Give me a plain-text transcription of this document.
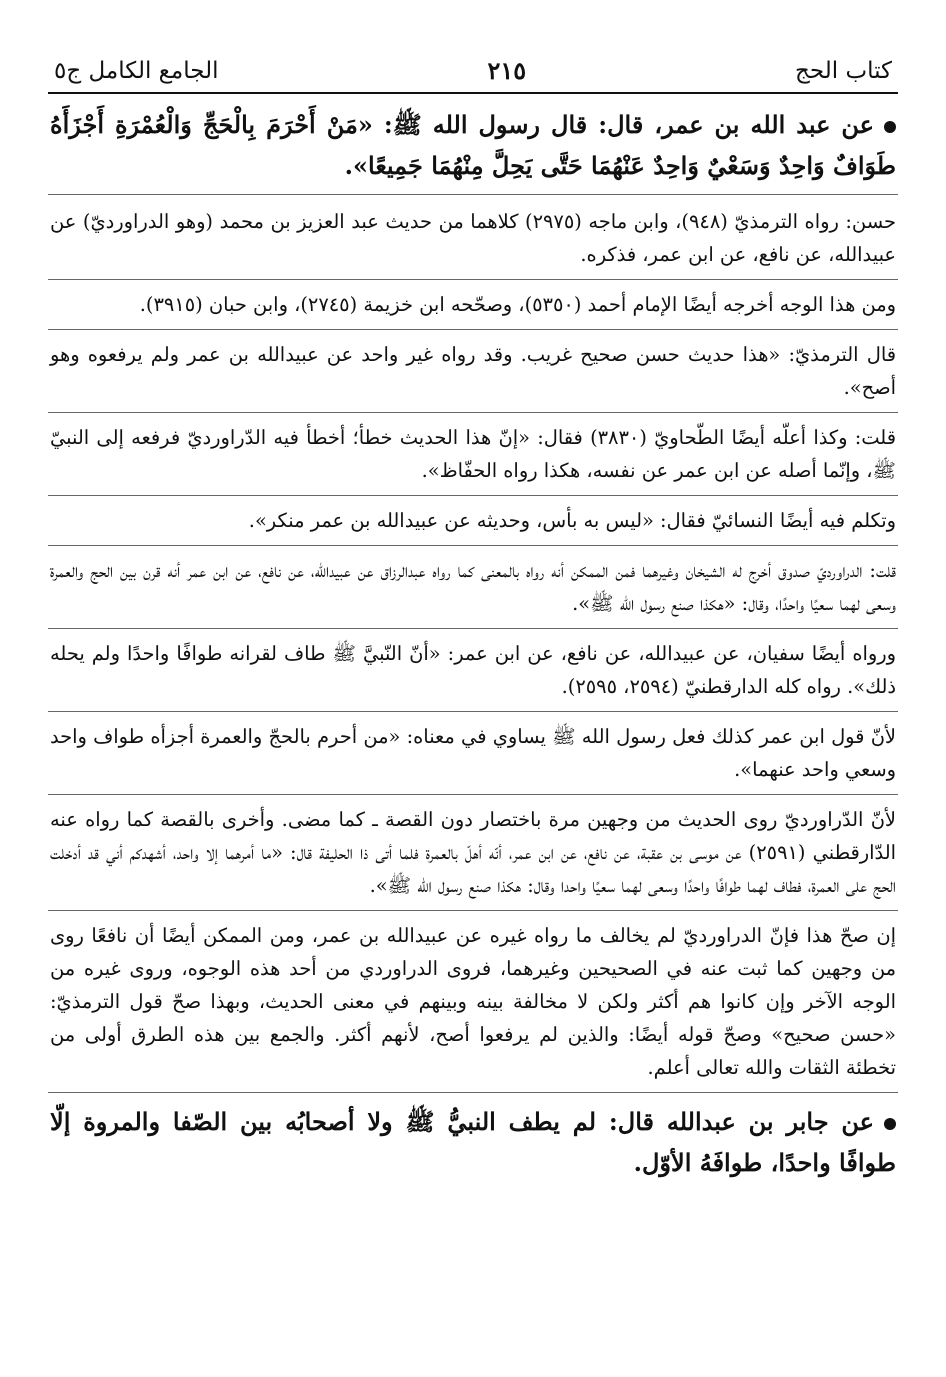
كتاب الحج
٢١٥
الجامع الكامل ج٥

عن عبد الله بن عمر، قال: قال رسول الله ﷺ: «مَنْ أَحْرَمَ بِالْحَجِّ وَالْعُمْرَةِ أَجْزَأَهُ طَوَافٌ وَاحِدٌ وَسَعْيٌ وَاحِدٌ عَنْهُمَا حَتَّى يَحِلَّ مِنْهُمَا جَمِيعًا».

حسن: رواه الترمذيّ (٩٤٨)، وابن ماجه (٢٩٧٥) كلاهما من حديث عبد العزيز بن محمد (وهو الدراورديّ) عن عبيدالله، عن نافع، عن ابن عمر، فذكره.

ومن هذا الوجه أخرجه أيضًا الإمام أحمد (٥٣٥٠)، وصحّحه ابن خزيمة (٢٧٤٥)، وابن حبان (٣٩١٥).

قال الترمذيّ: «هذا حديث حسن صحيح غريب. وقد رواه غير واحد عن عبيدالله بن عمر ولم يرفعوه وهو أصح».

قلت: وكذا أعلّه أيضًا الطّحاويّ (٣٨٣٠) فقال: «إنّ هذا الحديث خطأ؛ أخطأ فيه الدّراورديّ فرفعه إلى النبيّ ﷺ، وإنّما أصله عن ابن عمر عن نفسه، هكذا رواه الحفّاظ».

وتكلم فيه أيضًا النسائيّ فقال: «ليس به بأس، وحديثه عن عبيدالله بن عمر منكر».

قلت: الدراورديّ صدوق أخرج له الشيخان وغيرهما فمن الممكن أنه رواه بالمعنى كما رواه عبدالرزاق عن عبيدالله، عن نافع، عن ابن عمر أنه قرن بين الحج والعمرة وسعى لهما سعيًا واحدًا، وقال: «هكذا صنع رسول الله ﷺ».

ورواه أيضًا سفيان، عن عبيدالله، عن نافع، عن ابن عمر: «أنّ النّبيَّ ﷺ طاف لقرانه طوافًا واحدًا ولم يحله ذلك». رواه كله الدارقطنيّ (٢٥٩٤، ٢٥٩٥).

لأنّ قول ابن عمر كذلك فعل رسول الله ﷺ يساوي في معناه: «من أحرم بالحجّ والعمرة أجزأه طواف واحد وسعي واحد عنهما».

لأنّ الدّراورديّ روى الحديث من وجهين مرة باختصار دون القصة ـ كما مضى. وأخرى بالقصة كما رواه عنه الدّارقطني (٢٥٩١) عن موسى بن عقبة، عن نافع، عن ابن عمر، أنّه أهلّ بالعمرة فلما أتى ذا الحليفة قال: «ما أمرهما إلا واحد، أشهدكم أني قد أدخلت الحج على العمرة، فطاف لهما طوافًا واحدًا وسعى لهما سعيًا واحدا وقال: هكذا صنع رسول الله ﷺ».

إن صحّ هذا فإنّ الدراورديّ لم يخالف ما رواه غيره عن عبيدالله بن عمر، ومن الممكن أيضًا أن نافعًا روى من وجهين كما ثبت عنه في الصحيحين وغيرهما، فروى الدراوردي من أحد هذه الوجوه، وروى غيره من الوجه الآخر وإن كانوا هم أكثر ولكن لا مخالفة بينه وبينهم في معنى الحديث، وبهذا صحّ قول الترمذيّ: «حسن صحيح» وصحّ قوله أيضًا: والذين لم يرفعوا أصح، لأنهم أكثر. والجمع بين هذه الطرق أولى من تخطئة الثقات والله تعالى أعلم.

عن جابر بن عبدالله قال: لم يطف النبيُّ ﷺ ولا أصحابُه بين الصّفا والمروة إلّا طوافًا واحدًا، طوافَهُ الأوّل.
